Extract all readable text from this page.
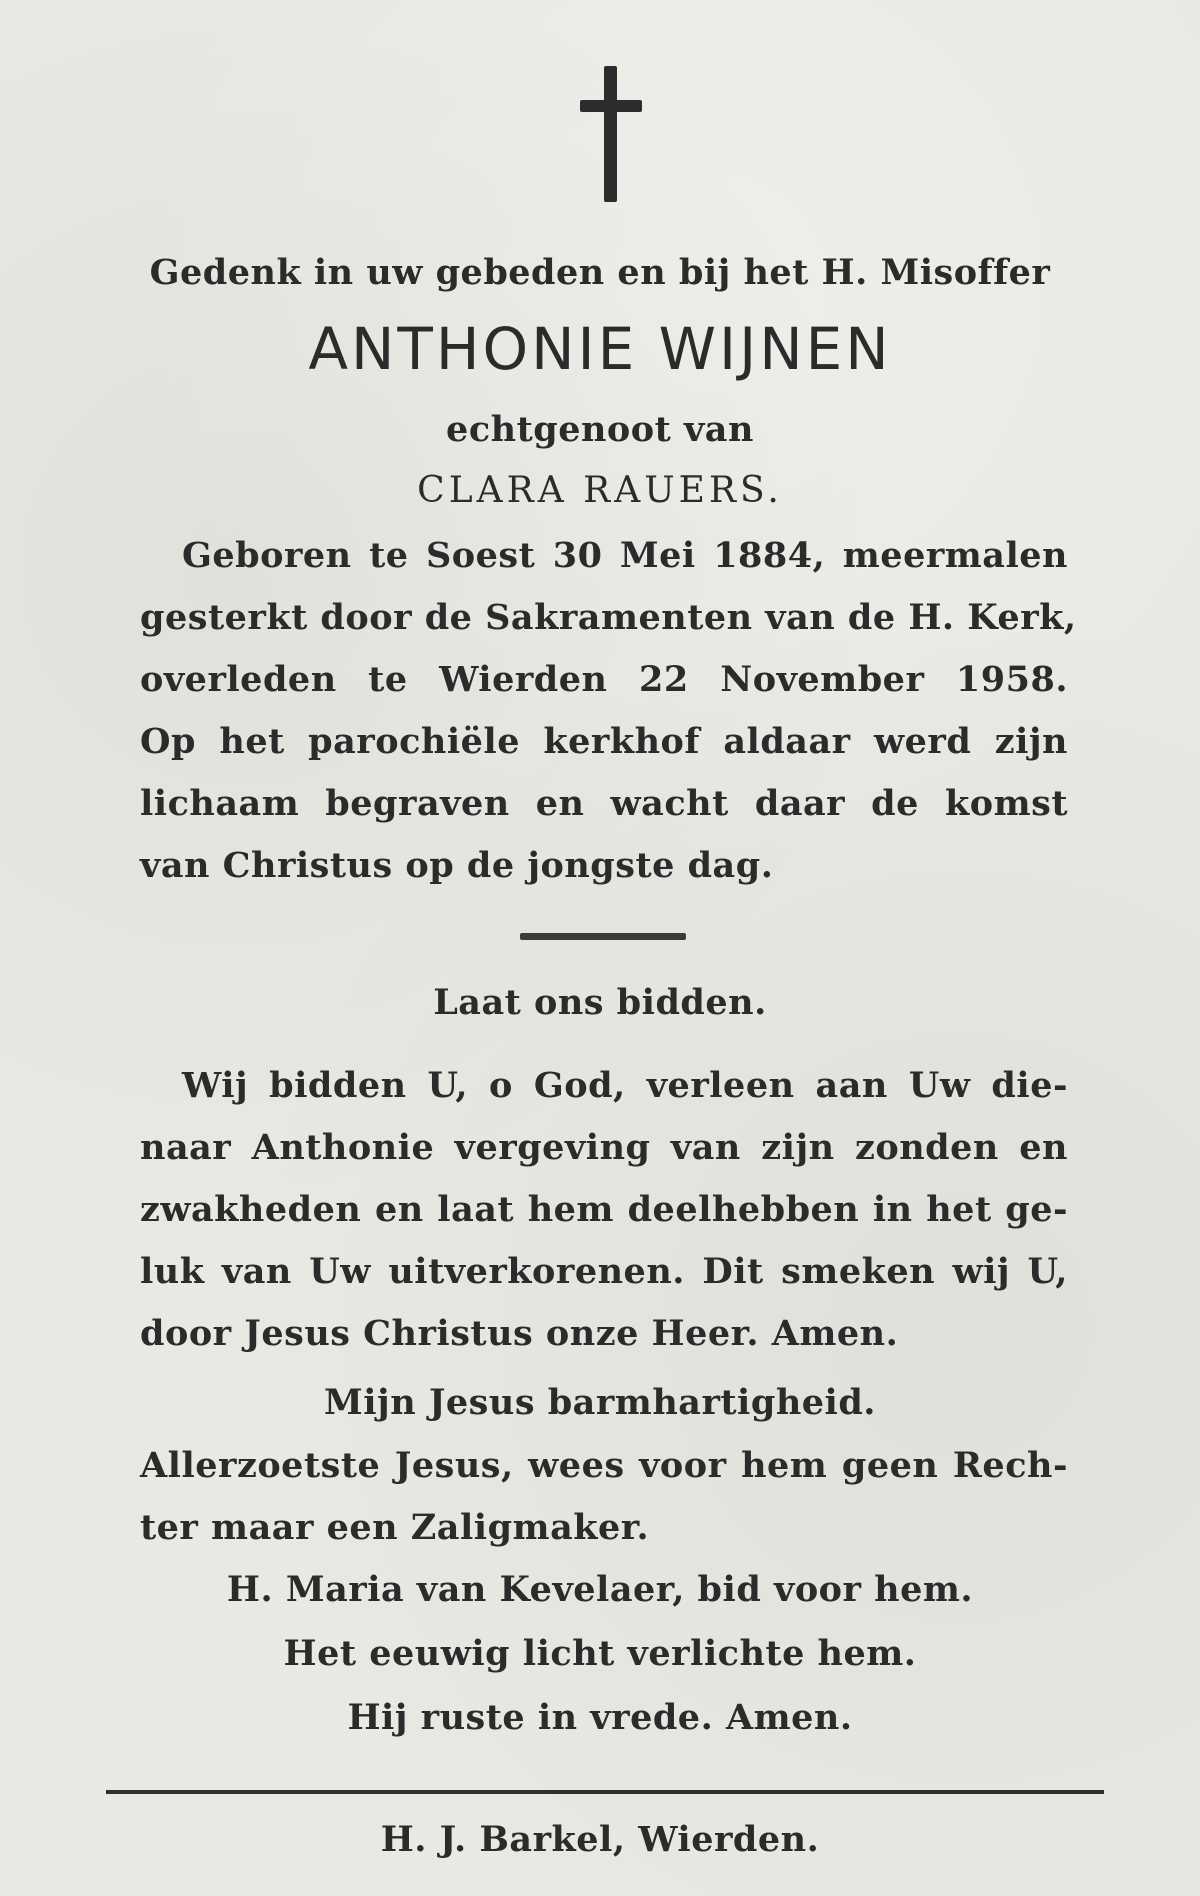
Gedenk in uw gebeden en bij het H. Misoffer
ANTHONIE WIJNEN
echtgenoot van
CLARA RAUERS.
Geboren te Soest 30 Mei 1884, meermalen
gesterkt door de Sakramenten van de H. Kerk,
overleden te Wierden 22 November 1958.
Op het parochiële kerkhof aldaar werd zijn
lichaam begraven en wacht daar de komst
van Christus op de jongste dag.
Laat ons bidden.
Wij bidden U, o God, verleen aan Uw die-
naar Anthonie vergeving van zijn zonden en
zwakheden en laat hem deelhebben in het ge-
luk van Uw uitverkorenen. Dit smeken wij U,
door Jesus Christus onze Heer. Amen.
Mijn Jesus barmhartigheid.
Allerzoetste Jesus, wees voor hem geen Rech-
ter maar een Zaligmaker.
H. Maria van Kevelaer, bid voor hem.
Het eeuwig licht verlichte hem.
Hij ruste in vrede. Amen.
H. J. Barkel, Wierden.
